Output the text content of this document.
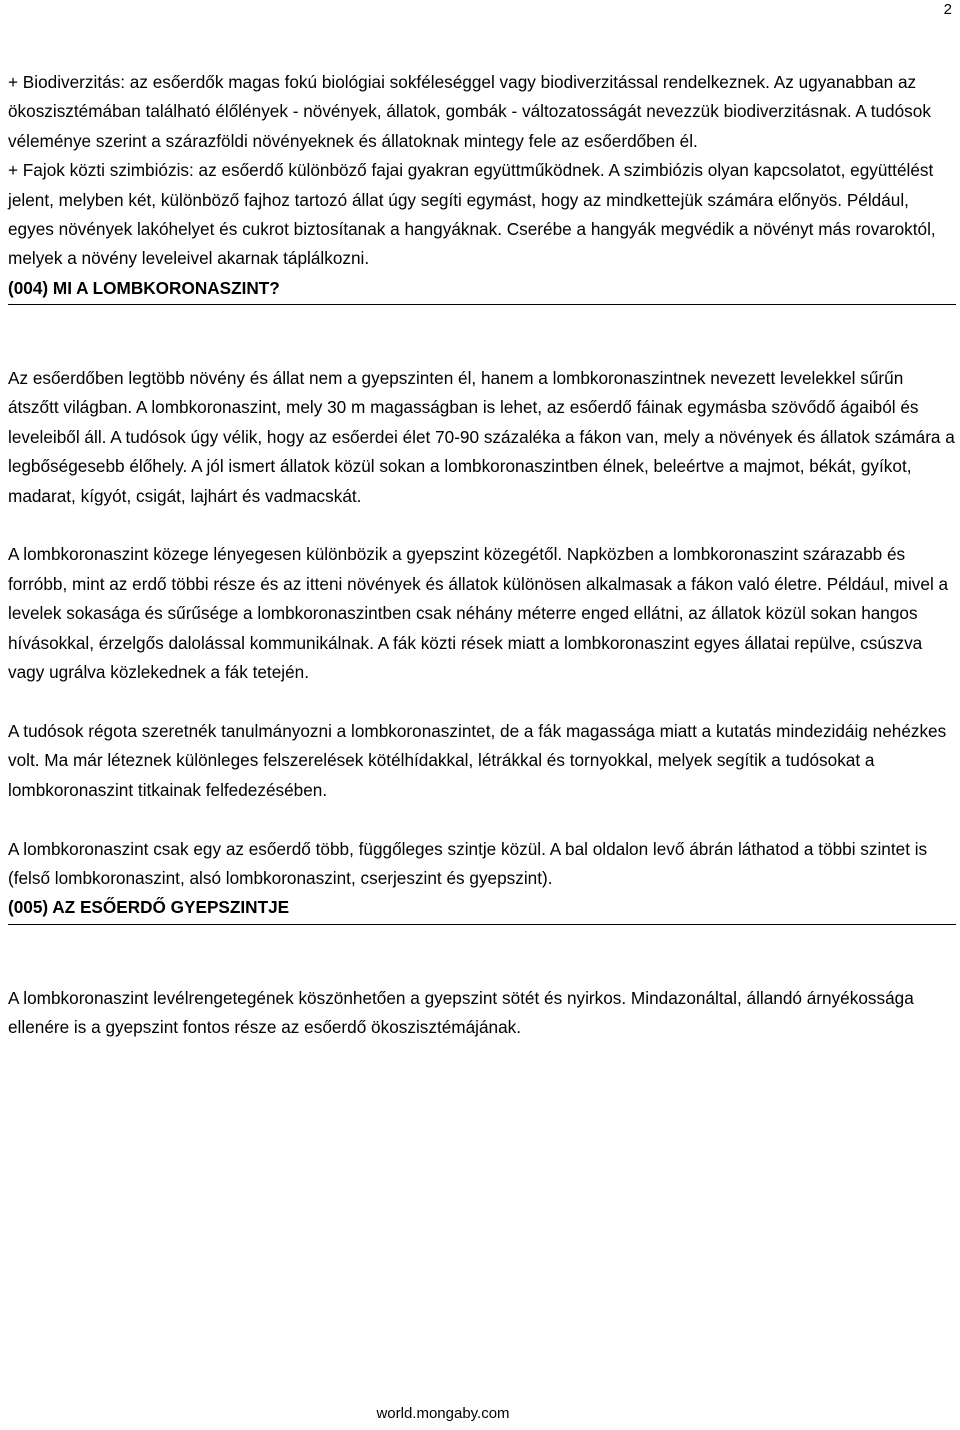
2

+ Biodiverzitás: az esőerdők magas fokú biológiai sokféleséggel vagy biodiverzitással rendelkeznek. Az ugyanabban az ökoszisztémában található élőlények - növények, állatok, gombák - változatosságát nevezzük biodiverzitásnak. A tudósok véleménye szerint a szárazföldi növényeknek és állatoknak mintegy fele az esőerdőben él.

+ Fajok közti szimbiózis: az esőerdő különböző fajai gyakran együttműködnek. A szimbiózis olyan kapcsolatot, együttélést jelent, melyben két, különböző fajhoz tartozó állat úgy segíti egymást, hogy az mindkettejük számára előnyös. Például, egyes növények lakóhelyet és cukrot biztosítanak a hangyáknak. Cserébe a hangyák megvédik a növényt más rovaroktól, melyek a növény leveleivel akarnak táplálkozni.

(004) MI A LOMBKORONASZINT?

Az esőerdőben legtöbb növény és állat nem a gyepszinten él, hanem a lombkoronaszintnek nevezett levelekkel sűrűn átszőtt világban. A lombkoronaszint, mely 30 m magasságban is lehet, az esőerdő fáinak egymásba szövődő ágaiból és leveleiből áll. A tudósok úgy vélik, hogy az esőerdei élet 70-90 százaléka a fákon van, mely a növények és állatok számára a legbőségesebb élőhely. A jól ismert állatok közül sokan a lombkoronaszintben élnek, beleértve a majmot, békát, gyíkot, madarat, kígyót, csigát, lajhárt és vadmacskát.

A lombkoronaszint közege lényegesen különbözik a gyepszint közegétől. Napközben a lombkoronaszint szárazabb és forróbb, mint az erdő többi része és az itteni növények és állatok különösen alkalmasak a fákon való életre. Például, mivel a levelek sokasága és sűrűsége a lombkoronaszintben csak néhány méterre enged ellátni, az állatok közül sokan hangos hívásokkal, érzelgős dalolással kommunikálnak. A fák közti rések miatt a lombkoronaszint egyes állatai repülve, csúszva vagy ugrálva közlekednek a fák tetején.

A tudósok régota szeretnék tanulmányozni a lombkoronaszintet, de a fák magassága miatt a kutatás mindezidáig nehézkes volt. Ma már léteznek különleges felszerelések kötélhídakkal, létrákkal és tornyokkal, melyek segítik a tudósokat a lombkoronaszint titkainak felfedezésében.

A lombkoronaszint csak egy az esőerdő több, függőleges szintje közül. A bal oldalon levő ábrán láthatod a többi szintet is (felső lombkoronaszint, alsó lombkoronaszint, cserjeszint és gyepszint).

(005) AZ ESŐERDŐ GYEPSZINTJE

A lombkoronaszint levélrengetegének köszönhetően a gyepszint sötét és nyirkos. Mindazonáltal, állandó árnyékossága ellenére is a gyepszint fontos része az esőerdő ökoszisztémájának.

world.mongaby.com
